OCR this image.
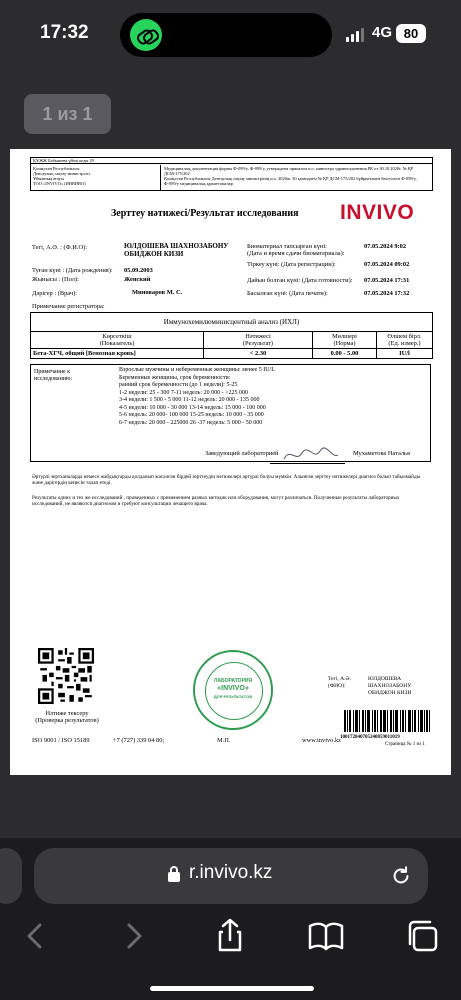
17:32	4G 80
1 из 1
ҚҰЖЖ Бобышева үйімі коды 29
Қазақстан Республикасы
Денсаулық сақтау министрлігі
Ұйымның атауы
ТОО «INVIVO» (ИНВИВО)
Медициналық документация формы Ф-099/у, Ф-099/у, утверждена приказом и.о. министра здравоохранения РК от 30.10.2020г. № ҚР ДСМ-175/202
Қазақстан Республикасы Денсаулық сақтау министрінің и.о. 2020ж. 30 қазандағы № ҚР ДСМ-175/202 бұйрығымен бекітілген Ф-099/у, Ф-099/у медициналық құжаттамалар
Зерттеу нәтижесі/Результат исследования INVIVO
Тегі, А.Ә. : (Ф.И.О):	ЮЛДОШЕВА ШАХНОЗАБОНУ
ОБИДЖОН КИЗИ
Туған күні : (Дата рождения): 05.09.2003
Жынысы : (Пол):	Женский
Дәрігер : (Врач):	Миноваров М. С.
Примечание регистратора:
Биоматериал тапсырған күні:
(Дата и время сдачи биоматериала):
07.05.2024 9:02
Тіркеу күні: (Дата регистрации):	07.05.2024 09:02
Дайын болған күні: (Дата готовности): 07.05.2024 17:31
Басылған күні: (Дата печати):	07.05.2024 17:32
Иммунохемилюминисцентный анализ (ИХЛ)
Көрсеткіш
(Показатель)
Нәтижесі
(Результат)
Мөлшері
(Норма)
Өлшем бірл.
(Ед. измер.)
Бета-ХГЧ, общий [Венозная кровь]	< 2.30	0.00 - 5.00	IU/l
Примечание к исследованию:
Взрослые мужчины и небеременные женщины: менее 5 IU/L
Беременные женщины, срок беременности:
ранний срок беременности (до 1 недели): 5-25
1-2 недели: 25 - 300 7-11 недель: 20 000 - >225 000
3-4 недели: 1 500 - 5 000 11-12 недель: 20 000 - 135 000
4-5 недели: 10 000 - 30 000 13-14 недель: 15 000 - 100 000
5-6 недель: 20 000- 100 000 15-25 недель: 10 000 - 35 000
6-7 недель: 20 000 - 225000 26 -37 недель: 5 000 - 50 000
Заведующий лабораторией	Мухаметова Наталья
Әртүрлі зертханаларда немесе жабдықтарды қолданып жасалған бірдей зерттеудің нәтижелері әртүрлі болуы мүмкін. Алынған зерттеу нәтижелері диагноз болып табылмайды және дәрігердің кеңесін талап етеді.
Результаты одних и тех же исследований , проведенных с применением разных методик или оборудования, могут различаться. Полученные результаты лабораторных исследований, не являются диагнозом и требуют консультации лечащего врача.
Нәтиже тексеру
(Проверка результатов)
ЛАБОРАТОРИЯ
«INVIVO»
ДЛЯ РЕЗУЛЬТАТОВ
Тегі, А.Ә.
(ФИО):
ЮЛДОШЕВА
ШАХНОЗАБОНУ
ОБИДЖОН КИЗИ
100172840705240859011019
ISO 9001 / ISO 15189	+7 (727) 339 04 80;	М.П.	www.invivo.kz
Страница № 1 из 1
r.invivo.kz
